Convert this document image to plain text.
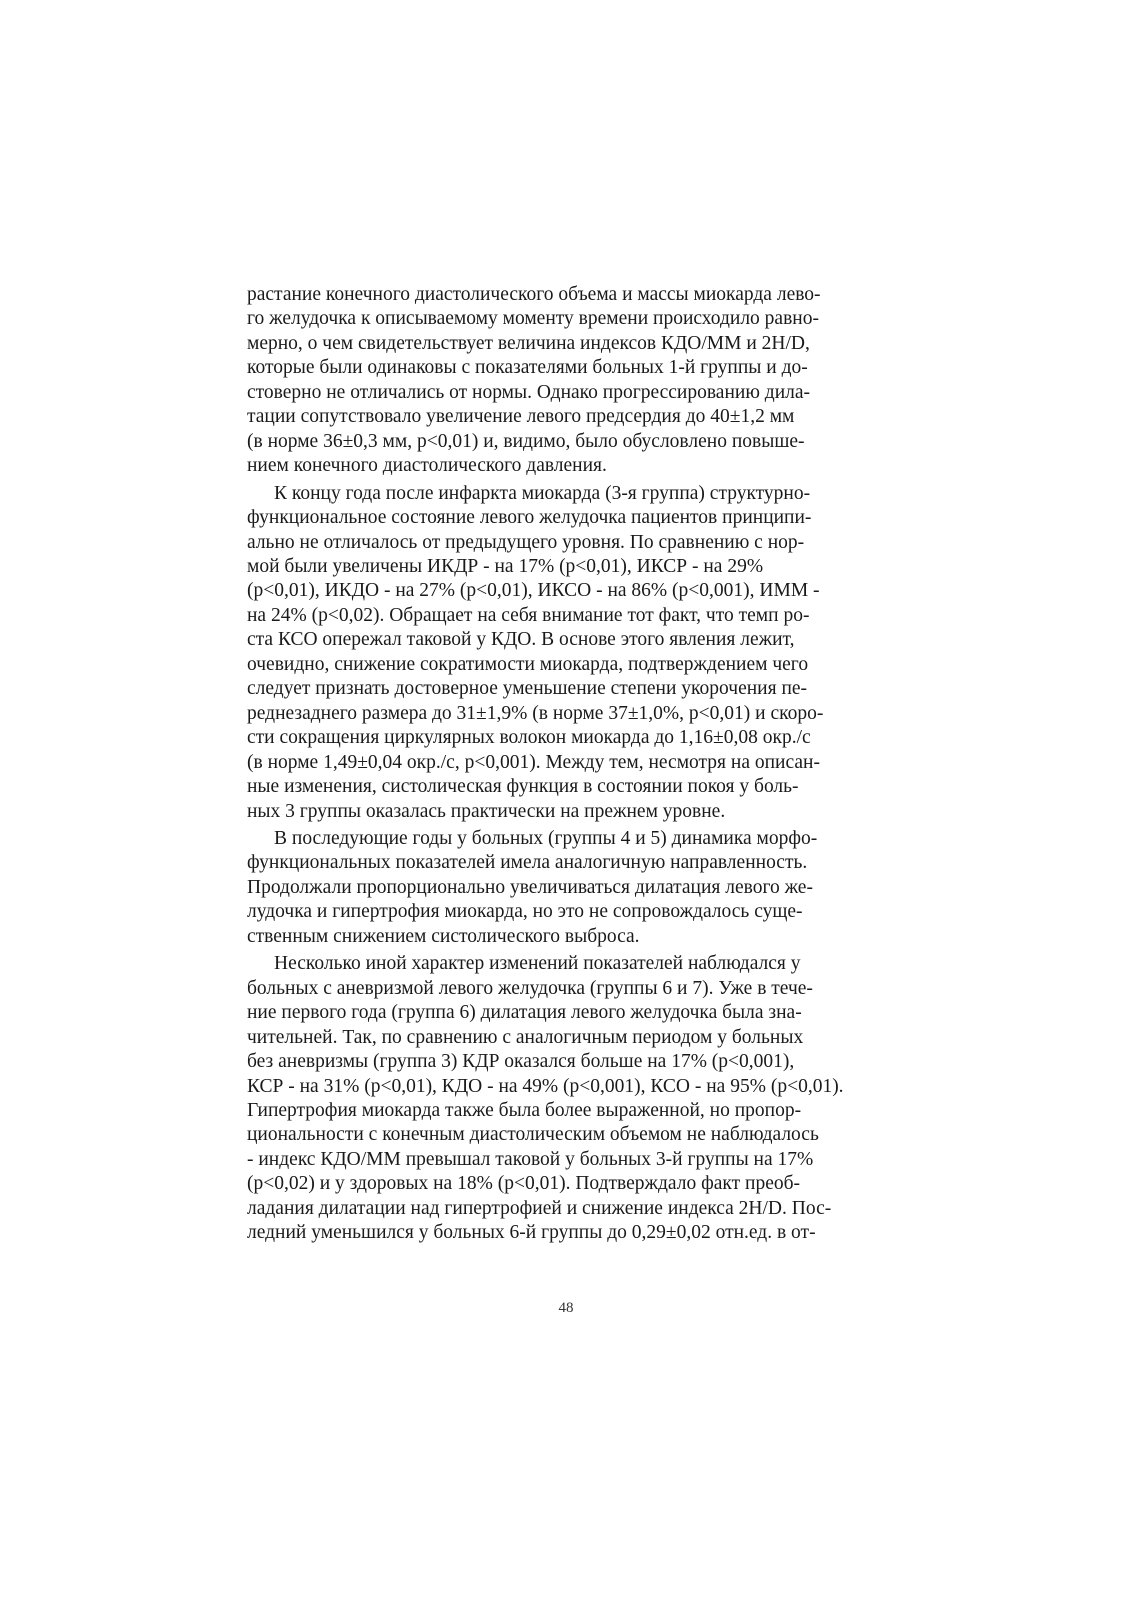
растание конечного диастолического объема и массы миокарда лево-
го желудочка к описываемому моменту времени происходило равно-
мерно, о чем свидетельствует величина индексов КДО/ММ и 2H/D,
которые были одинаковы с показателями больных 1-й группы и до-
стоверно не отличались от нормы. Однако прогрессированию дила-
тации сопутствовало увеличение левого предсердия до 40±1,2 мм
(в норме 36±0,3 мм, р<0,01) и, видимо, было обусловлено повыше-
нием конечного диастолического давления.

К концу года после инфаркта миокарда (3-я группа) структурно-
функциональное состояние левого желудочка пациентов принципи-
ально не отличалось от предыдущего уровня. По сравнению с нор-
мой были увеличены ИКДР - на 17% (р<0,01), ИКСР - на 29%
(р<0,01), ИКДО - на 27% (р<0,01), ИКСО - на 86% (р<0,001), ИММ -
на 24% (р<0,02). Обращает на себя внимание тот факт, что темп ро-
ста КСО опережал таковой у КДО. В основе этого явления лежит,
очевидно, снижение сократимости миокарда, подтверждением чего
следует признать достоверное уменьшение степени укорочения пе-
реднезаднего размера до 31±1,9% (в норме 37±1,0%, р<0,01) и скоро-
сти сокращения циркулярных волокон миокарда до 1,16±0,08 окр./с
(в норме 1,49±0,04 окр./с, р<0,001). Между тем, несмотря на описан-
ные изменения, систолическая функция в состоянии покоя у боль-
ных 3 группы оказалась практически на прежнем уровне.

В последующие годы у больных (группы 4 и 5) динамика морфо-
функциональных показателей имела аналогичную направленность.
Продолжали пропорционально увеличиваться дилатация левого же-
лудочка и гипертрофия миокарда, но это не сопровождалось суще-
ственным снижением систолического выброса.

Несколько иной характер изменений показателей наблюдался у
больных с аневризмой левого желудочка (группы 6 и 7). Уже в тече-
ние первого года (группа 6) дилатация левого желудочка была зна-
чительней. Так, по сравнению с аналогичным периодом у больных
без аневризмы (группа 3) КДР оказался больше на 17% (р<0,001),
КСР - на 31% (р<0,01), КДО - на 49% (р<0,001), КСО - на 95% (р<0,01).
Гипертрофия миокарда также была более выраженной, но пропор-
циональности с конечным диастолическим объемом не наблюдалось
- индекс КДО/ММ превышал таковой у больных 3-й группы на 17%
(р<0,02) и у здоровых на 18% (р<0,01). Подтверждало факт преоб-
ладания дилатации над гипертрофией и снижение индекса 2H/D. Пос-
ледний уменьшился у больных 6-й группы до 0,29±0,02 отн.ед. в от-

48
